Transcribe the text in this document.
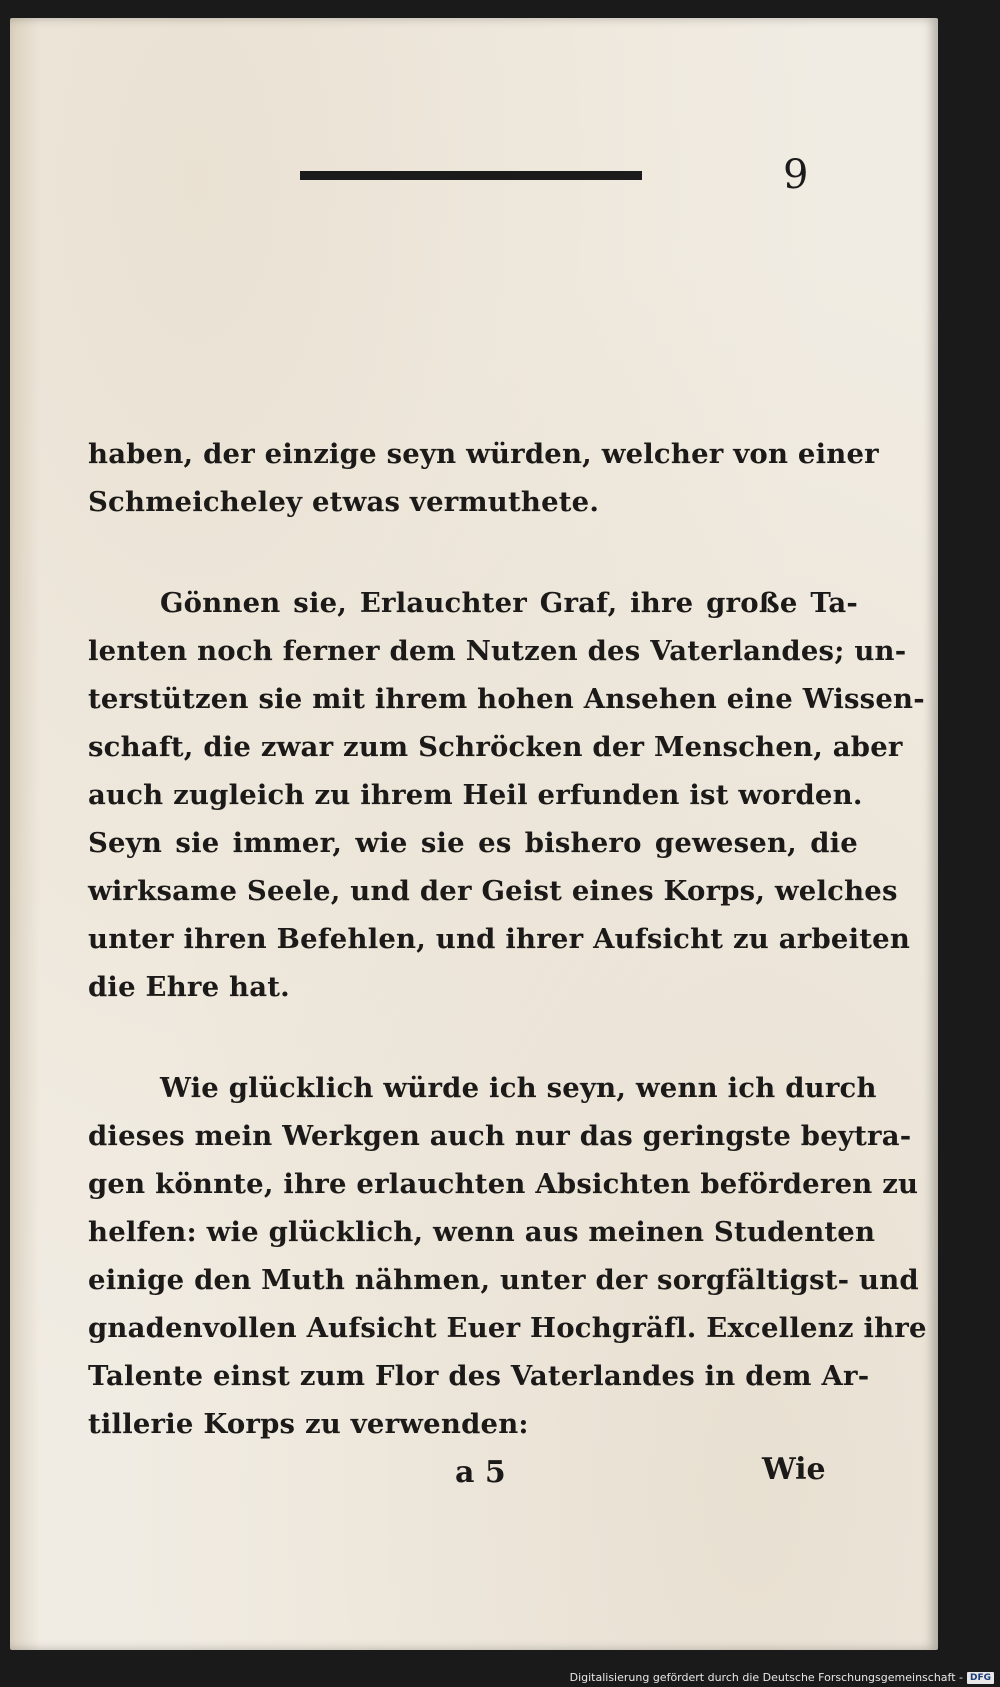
9
haben, der einzige seyn würden, welcher von einer
Schmeicheley etwas vermuthete.
Gönnen sie, Erlauchter Graf, ihre große Ta-
lenten noch ferner dem Nutzen des Vaterlandes; un-
terstützen sie mit ihrem hohen Ansehen eine Wissen-
schaft, die zwar zum Schröcken der Menschen, aber
auch zugleich zu ihrem Heil erfunden ist worden.
Seyn sie immer, wie sie es bishero gewesen, die
wirksame Seele, und der Geist eines Korps, welches
unter ihren Befehlen, und ihrer Aufsicht zu arbeiten
die Ehre hat.
Wie glücklich würde ich seyn, wenn ich durch
dieses mein Werkgen auch nur das geringste beytra-
gen könnte, ihre erlauchten Absichten beförderen zu
helfen: wie glücklich, wenn aus meinen Studenten
einige den Muth nähmen, unter der sorgfältigst- und
gnadenvollen Aufsicht Euer Hochgräfl. Excellenz ihre
Talente einst zum Flor des Vaterlandes in dem Ar-
tillerie Korps zu verwenden:
a 5	Wie
Digitalisierung gefördert durch die Deutsche Forschungsgemeinschaft - DFG
